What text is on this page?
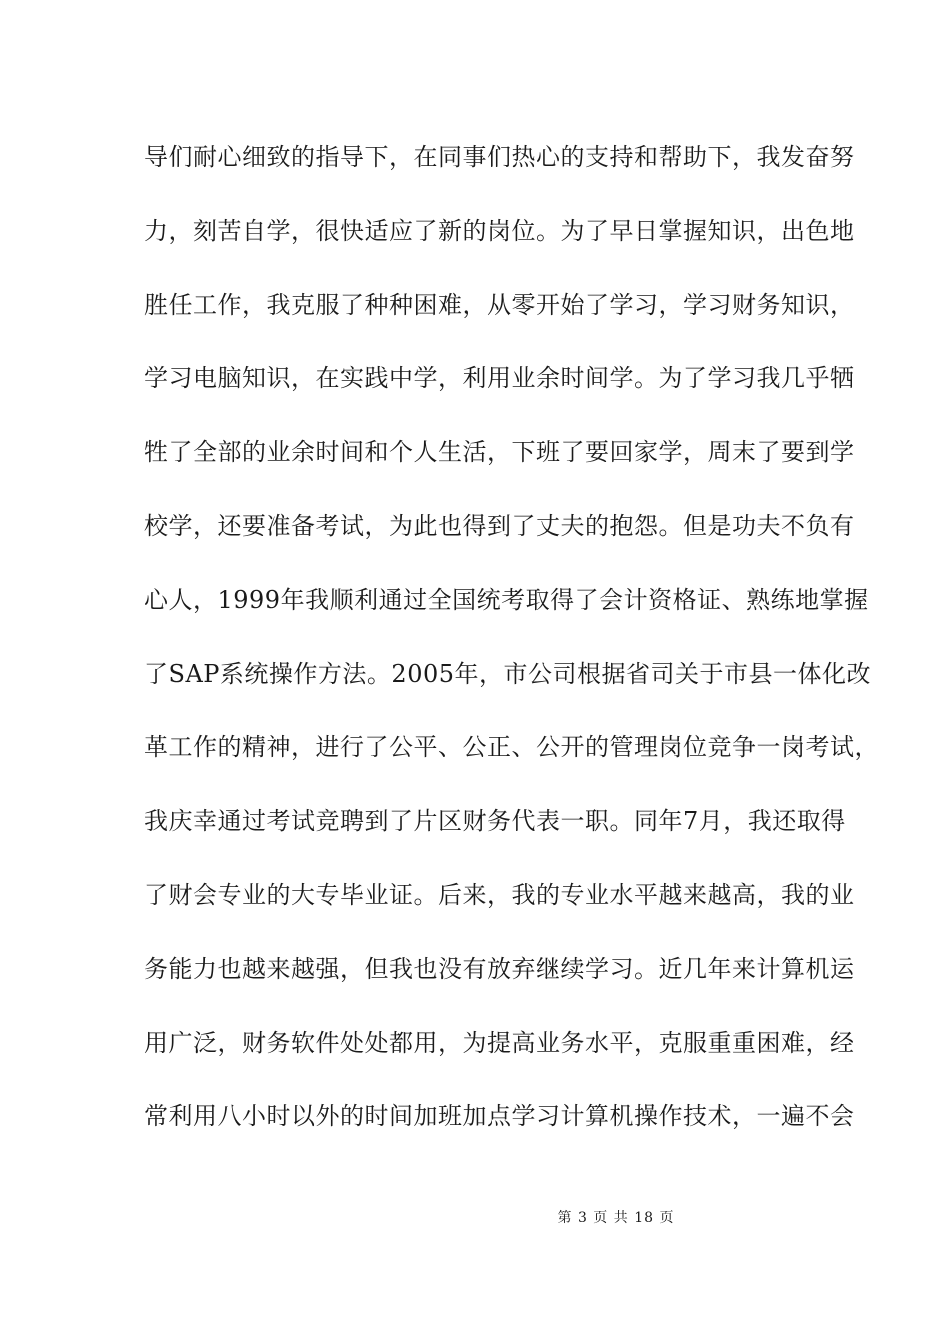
导们耐心细致的指导下，在同事们热心的支持和帮助下，我发奋努
力，刻苦自学，很快适应了新的岗位。为了早日掌握知识，出色地
胜任工作，我克服了种种困难，从零开始了学习，学习财务知识，
学习电脑知识，在实践中学，利用业余时间学。为了学习我几乎牺
牲了全部的业余时间和个人生活，下班了要回家学，周末了要到学
校学，还要准备考试，为此也得到了丈夫的抱怨。但是功夫不负有
心人，1999年我顺利通过全国统考取得了会计资格证、熟练地掌握
了SAP系统操作方法。2005年，市公司根据省司关于市县一体化改
革工作的精神，进行了公平、公正、公开的管理岗位竞争一岗考试，
我庆幸通过考试竞聘到了片区财务代表一职。同年7月，我还取得
了财会专业的大专毕业证。后来，我的专业水平越来越高，我的业
务能力也越来越强，但我也没有放弃继续学习。近几年来计算机运
用广泛，财务软件处处都用，为提高业务水平，克服重重困难，经
常利用八小时以外的时间加班加点学习计算机操作技术，一遍不会
第 3 页 共 18 页
